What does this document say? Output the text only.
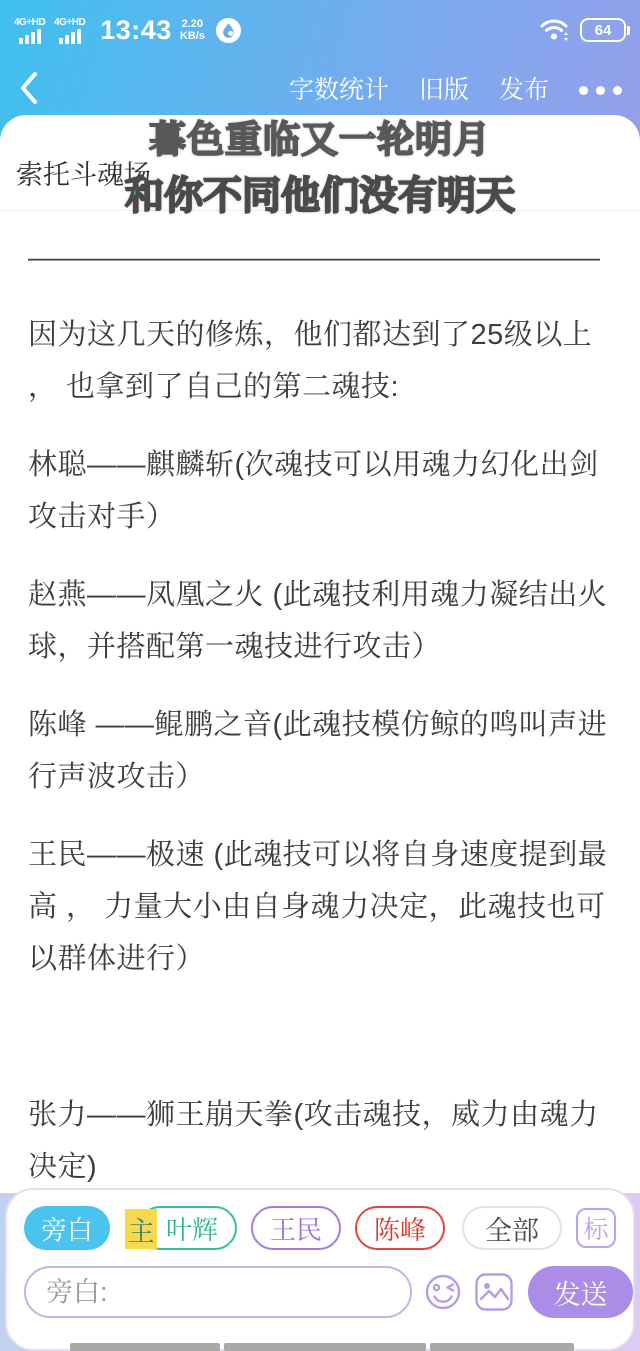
4G+HD 4G+HD 13:43 2.20
KB/s	64
字数统计 旧版 发布
索托斗魂场

——————————————————————

因为这几天的修炼，他们都达到了25级以上 ， 也拿到了自己的第二魂技:

林聪——麒麟斩(次魂技可以用魂力幻化出剑攻击对手）

赵燕——凤凰之火 (此魂技利用魂力凝结出火球，并搭配第一魂技进行攻击）

陈峰 ——鲲鹏之音(此魂技模仿鲸的鸣叫声进行声波攻击）

王民——极速 (此魂技可以将自身速度提到最高 ， 力量大小由自身魂力决定，此魂技也可以群体进行）

张力——狮王崩天拳(攻击魂技，威力由魂力决定)

暮色重临又一轮明月
和你不同他们没有明天
旁白	主 叶辉	王民	陈峰	全部	标
旁白:
发送
